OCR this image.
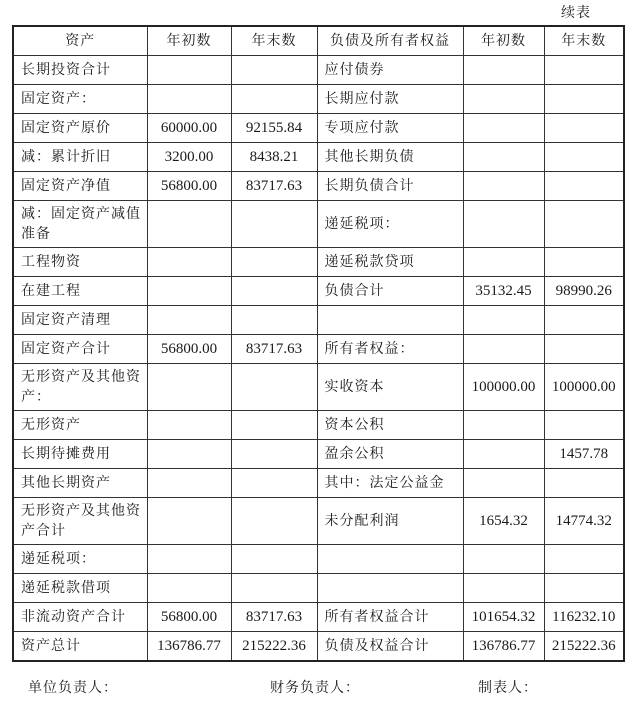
续表
资产	年初数	年末数	负债及所有者权益	年初数	年末数
长期投资合计			应付债券		
固定资产：			长期应付款		
固定资产原价	60000.00	92155.84	专项应付款		
减：累计折旧	3200.00	8438.21	其他长期负债		
固定资产净值	56800.00	83717.63	长期负债合计		
减：固定资产减值准备			递延税项：		
工程物资			递延税款贷项		
在建工程			负债合计	35132.45	98990.26
固定资产清理					
固定资产合计	56800.00	83717.63	所有者权益：		
无形资产及其他资产：			实收资本	100000.00	100000.00
无形资产			资本公积		
长期待摊费用			盈余公积		1457.78
其他长期资产			其中：法定公益金		
无形资产及其他资产合计			未分配利润	1654.32	14774.32
递延税项：					
递延税款借项					
非流动资产合计	56800.00	83717.63	所有者权益合计	101654.32	116232.10
资产总计	136786.77	215222.36	负债及权益合计	136786.77	215222.36
单位负责人：	财务负责人：	制表人：
